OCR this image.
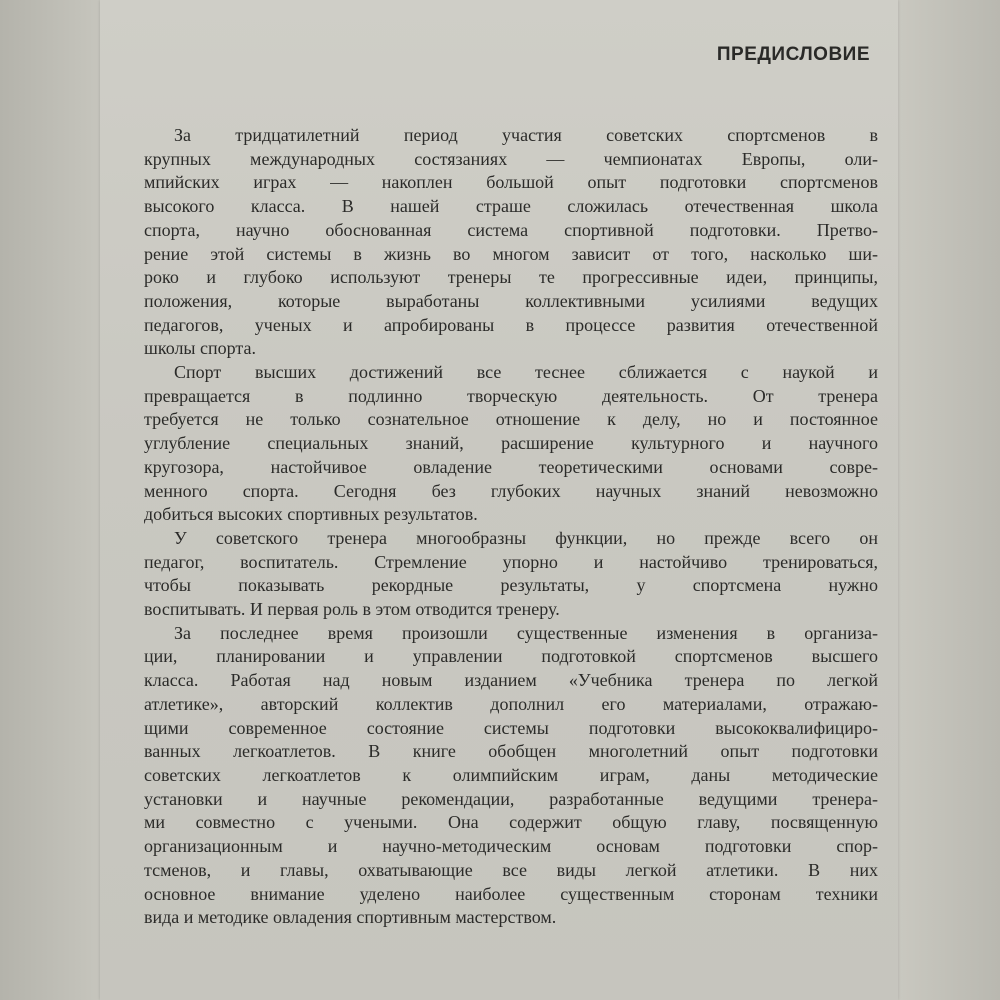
ПРЕДИСЛОВИЕ
За тридцатилетний период участия советских спортсменов в
крупных международных состязаниях — чемпионатах Европы, оли-
мпийских играх — накоплен большой опыт подготовки спортсменов
высокого класса. В нашей страше сложилась отечественная школа
спорта, научно обоснованная система спортивной подготовки. Претво-
рение этой системы в жизнь во многом зависит от того, насколько ши-
роко и глубоко используют тренеры те прогрессивные идеи, принципы,
положения, которые выработаны коллективными усилиями ведущих
педагогов, ученых и апробированы в процессе развития отечественной
школы спорта.
Спорт высших достижений все теснее сближается с наукой и
превращается в подлинно творческую деятельность. От тренера
требуется не только сознательное отношение к делу, но и постоянное
углубление специальных знаний, расширение культурного и научного
кругозора, настойчивое овладение теоретическими основами совре-
менного спорта. Сегодня без глубоких научных знаний невозможно
добиться высоких спортивных результатов.
У советского тренера многообразны функции, но прежде всего он
педагог, воспитатель. Стремление упорно и настойчиво тренироваться,
чтобы показывать рекордные результаты, у спортсмена нужно
воспитывать. И первая роль в этом отводится тренеру.
За последнее время произошли существенные изменения в организа-
ции, планировании и управлении подготовкой спортсменов высшего
класса. Работая над новым изданием «Учебника тренера по легкой
атлетике», авторский коллектив дополнил его материалами, отражаю-
щими современное состояние системы подготовки высококвалифициро-
ванных легкоатлетов. В книге обобщен многолетний опыт подготовки
советских легкоатлетов к олимпийским играм, даны методические
установки и научные рекомендации, разработанные ведущими тренера-
ми совместно с учеными. Она содержит общую главу, посвященную
организационным и научно-методическим основам подготовки спор-
тсменов, и главы, охватывающие все виды легкой атлетики. В них
основное внимание уделено наиболее существенным сторонам техники
вида и методике овладения спортивным мастерством.
